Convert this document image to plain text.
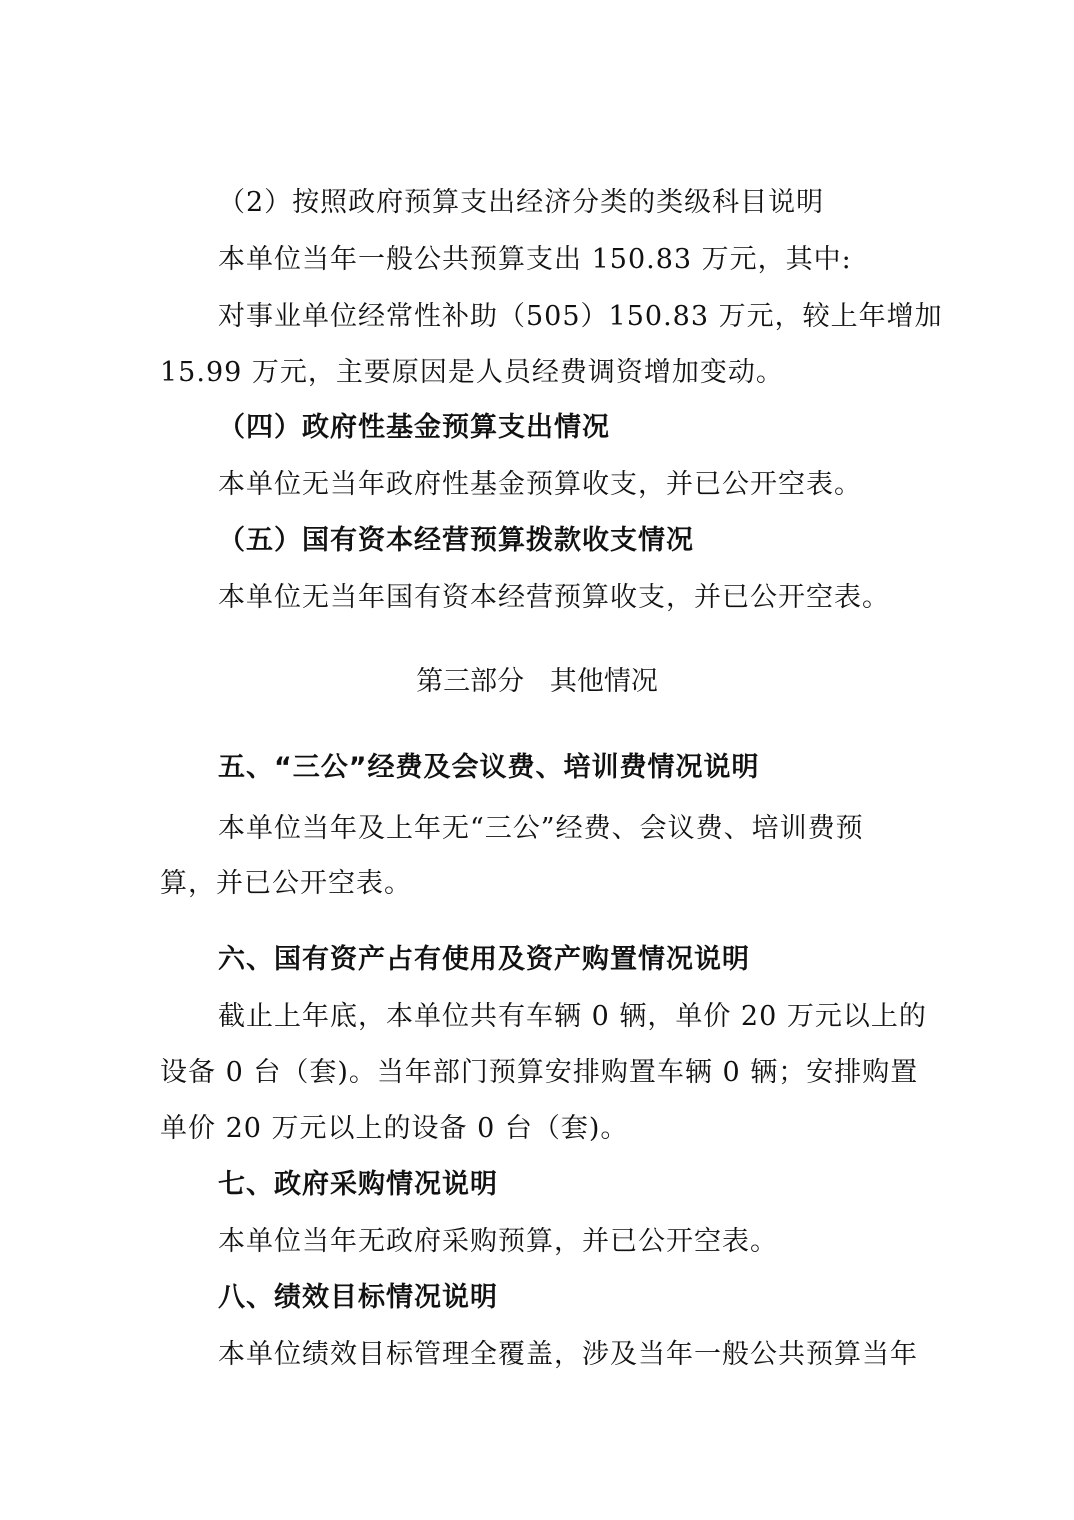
（2）按照政府预算支出经济分类的类级科目说明
本单位当年一般公共预算支出 150.83 万元，其中:
对事业单位经常性补助（505）150.83 万元，较上年增加
15.99 万元，主要原因是人员经费调资增加变动。
（四）政府性基金预算支出情况
本单位无当年政府性基金预算收支，并已公开空表。
（五）国有资本经营预算拨款收支情况
本单位无当年国有资本经营预算收支，并已公开空表。
第三部分   其他情况
五、“三公”经费及会议费、培训费情况说明
本单位当年及上年无“三公”经费、会议费、培训费预
算，并已公开空表。
六、国有资产占有使用及资产购置情况说明
截止上年底，本单位共有车辆 0 辆，单价 20 万元以上的
设备 0 台（套)。当年部门预算安排购置车辆 0 辆；安排购置
单价 20 万元以上的设备 0 台（套)。
七、政府采购情况说明
本单位当年无政府采购预算，并已公开空表。
八、绩效目标情况说明
本单位绩效目标管理全覆盖，涉及当年一般公共预算当年
